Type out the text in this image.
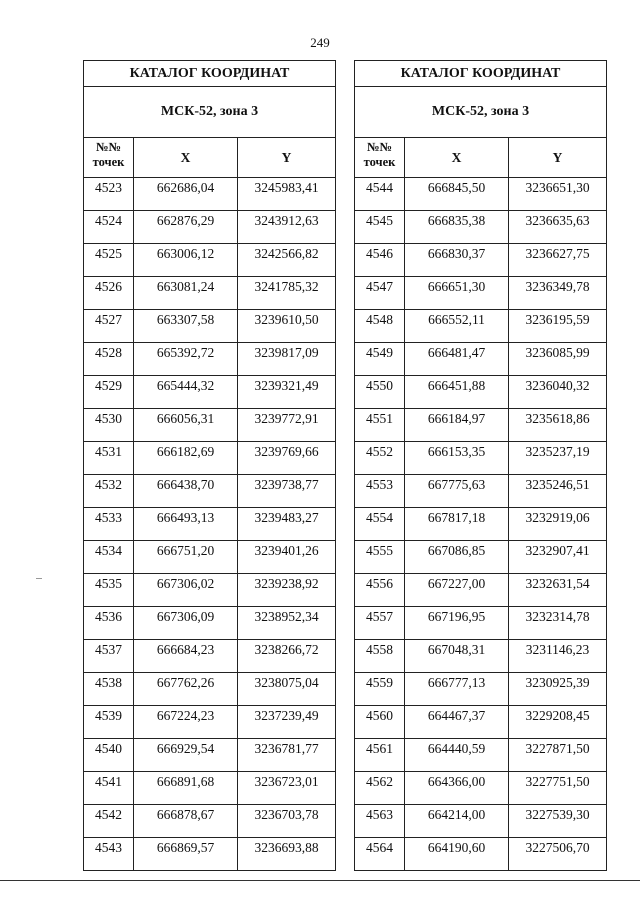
249
КАТАЛОГ КООРДИНАТ		
МСК-52, зона 3		
№№ точек	X	Y
4523	662686,04	3245983,41
4524	662876,29	3243912,63
4525	663006,12	3242566,82
4526	663081,24	3241785,32
4527	663307,58	3239610,50
4528	665392,72	3239817,09
4529	665444,32	3239321,49
4530	666056,31	3239772,91
4531	666182,69	3239769,66
4532	666438,70	3239738,77
4533	666493,13	3239483,27
4534	666751,20	3239401,26
4535	667306,02	3239238,92
4536	667306,09	3238952,34
4537	666684,23	3238266,72
4538	667762,26	3238075,04
4539	667224,23	3237239,49
4540	666929,54	3236781,77
4541	666891,68	3236723,01
4542	666878,67	3236703,78
4543	666869,57	3236693,88
КАТАЛОГ КООРДИНАТ		
МСК-52, зона 3		
№№ точек	X	Y
4544	666845,50	3236651,30
4545	666835,38	3236635,63
4546	666830,37	3236627,75
4547	666651,30	3236349,78
4548	666552,11	3236195,59
4549	666481,47	3236085,99
4550	666451,88	3236040,32
4551	666184,97	3235618,86
4552	666153,35	3235237,19
4553	667775,63	3235246,51
4554	667817,18	3232919,06
4555	667086,85	3232907,41
4556	667227,00	3232631,54
4557	667196,95	3232314,78
4558	667048,31	3231146,23
4559	666777,13	3230925,39
4560	664467,37	3229208,45
4561	664440,59	3227871,50
4562	664366,00	3227751,50
4563	664214,00	3227539,30
4564	664190,60	3227506,70
